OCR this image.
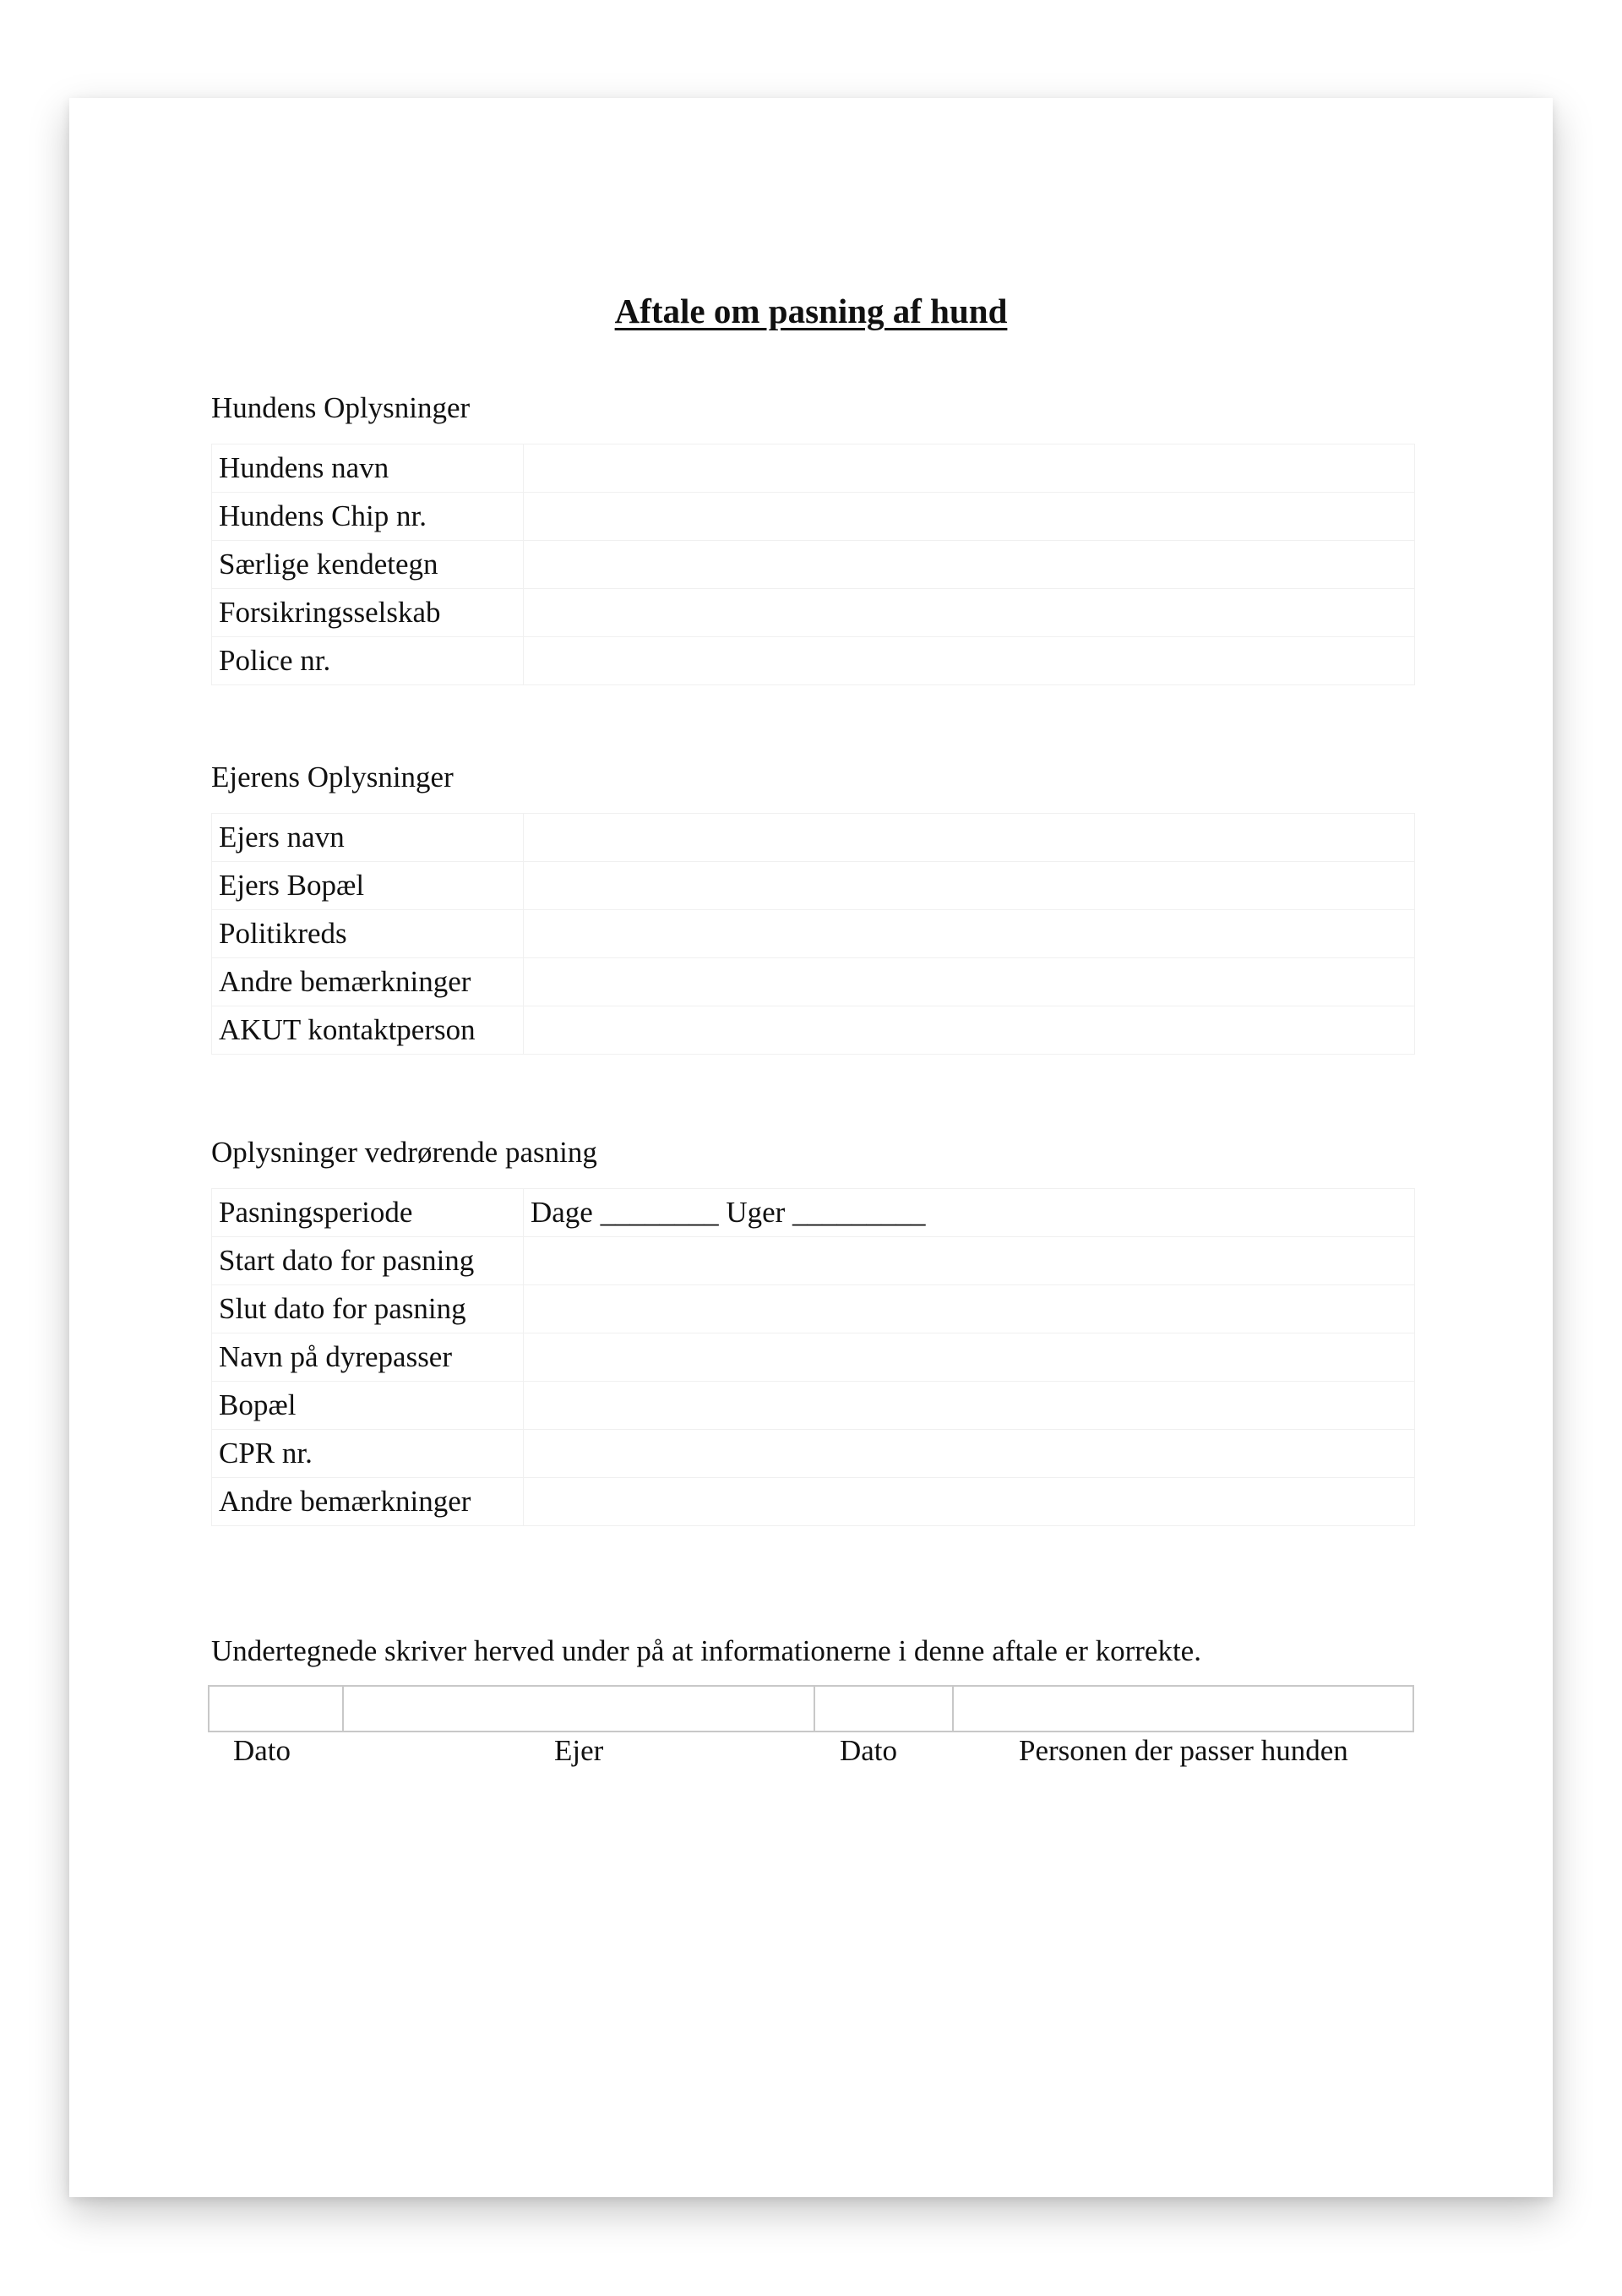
Aftale om pasning af hund

Hundens Oplysninger

Hundens navn	
Hundens Chip nr.	
Særlige kendetegn	
Forsikringsselskab	
Police nr.	

Ejerens Oplysninger

Ejers navn	
Ejers Bopæl	
Politikreds	
Andre bemærkninger	
AKUT kontaktperson	

Oplysninger vedrørende pasning

Pasningsperiode	Dage ________ Uger _________
Start dato for pasning	
Slut dato for pasning	
Navn på dyrepasser	
Bopæl	
CPR nr.	
Andre bemærkninger	

Undertegnede skriver herved under på at informationerne i denne aftale er korrekte.

Dato	Ejer	Dato	Personen der passer hunden
